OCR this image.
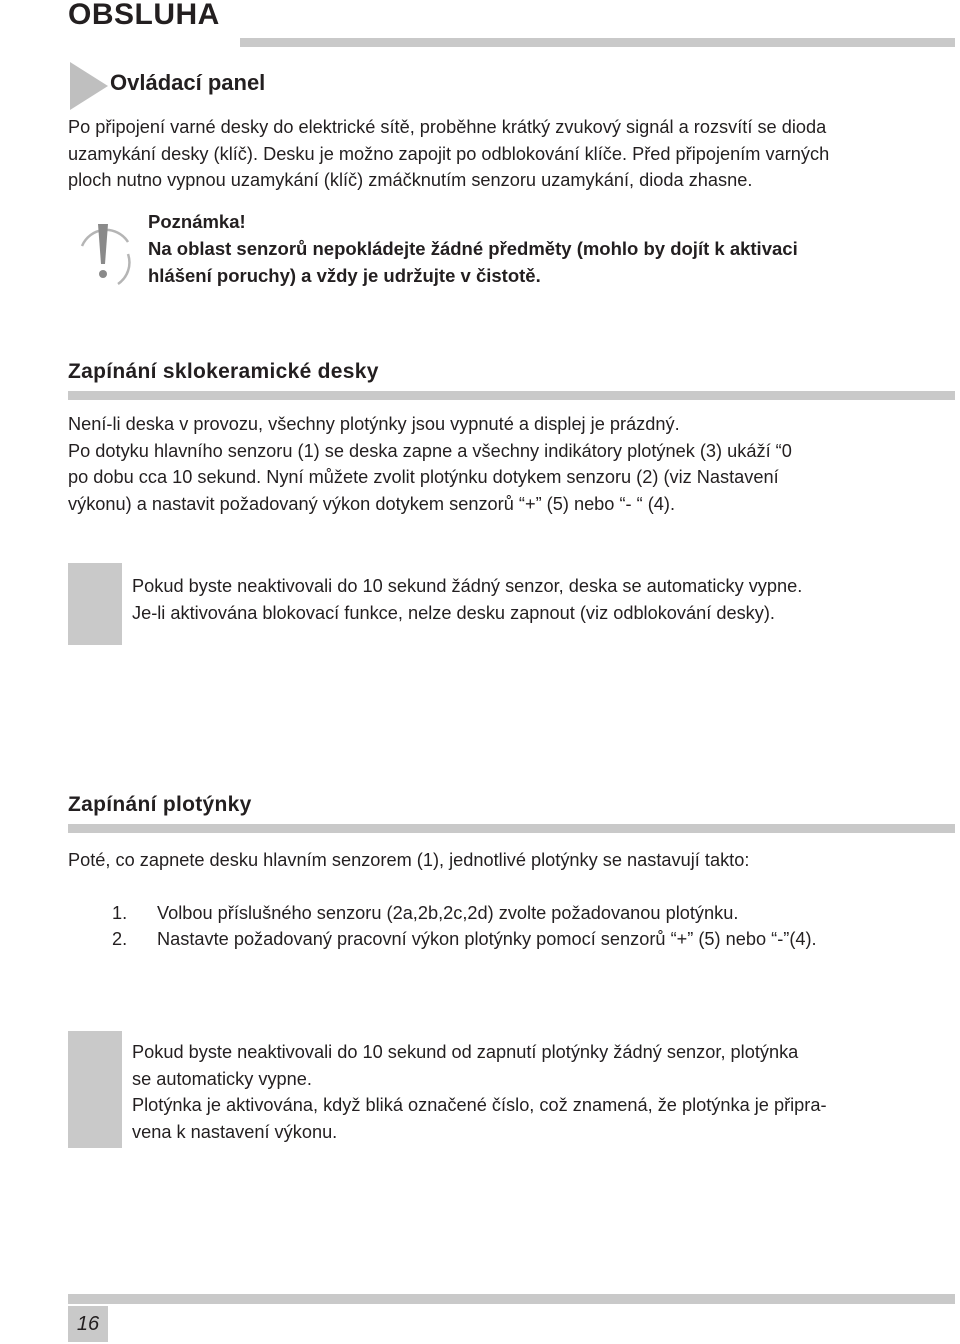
OBSLUHA
Ovládací panel
Po připojení varné desky do elektrické sítě, proběhne krátký zvukový signál a rozsvítí se dioda
uzamykání desky (klíč). Desku je možno zapojit po odblokování klíče. Před připojením varných
ploch nutno vypnou uzamykání (klíč) zmáčknutím senzoru uzamykání, dioda zhasne.
Poznámka!
Na oblast senzorů nepokládejte žádné předměty (mohlo by dojít k aktivaci
hlášení poruchy) a vždy je udržujte v čistotě.
Zapínání sklokeramické desky
Není-li deska v provozu, všechny plotýnky jsou vypnuté a displej je prázdný.
Po dotyku hlavního senzoru (1) se deska zapne a všechny indikátory plotýnek (3) ukáží “0
po dobu cca 10 sekund. Nyní můžete zvolit plotýnku dotykem senzoru (2) (viz Nastavení
výkonu) a nastavit požadovaný výkon dotykem senzorů “+” (5) nebo “- “ (4).
Pokud byste neaktivovali do 10 sekund žádný senzor, deska se automaticky vypne.
Je-li aktivována blokovací funkce, nelze desku zapnout (viz odblokování desky).
Zapínání plotýnky
Poté, co zapnete desku hlavním senzorem (1), jednotlivé plotýnky se nastavují takto:
1. Volbou příslušného senzoru (2a,2b,2c,2d) zvolte požadovanou plotýnku.
2. Nastavte požadovaný pracovní výkon plotýnky pomocí senzorů “+” (5) nebo “-”(4).
Pokud byste neaktivovali do 10 sekund od zapnutí plotýnky žádný senzor, plotýnka
se automaticky vypne.
Plotýnka je aktivována, když bliká označené číslo, což znamená, že plotýnka je připra-
vena k nastavení výkonu.
16
